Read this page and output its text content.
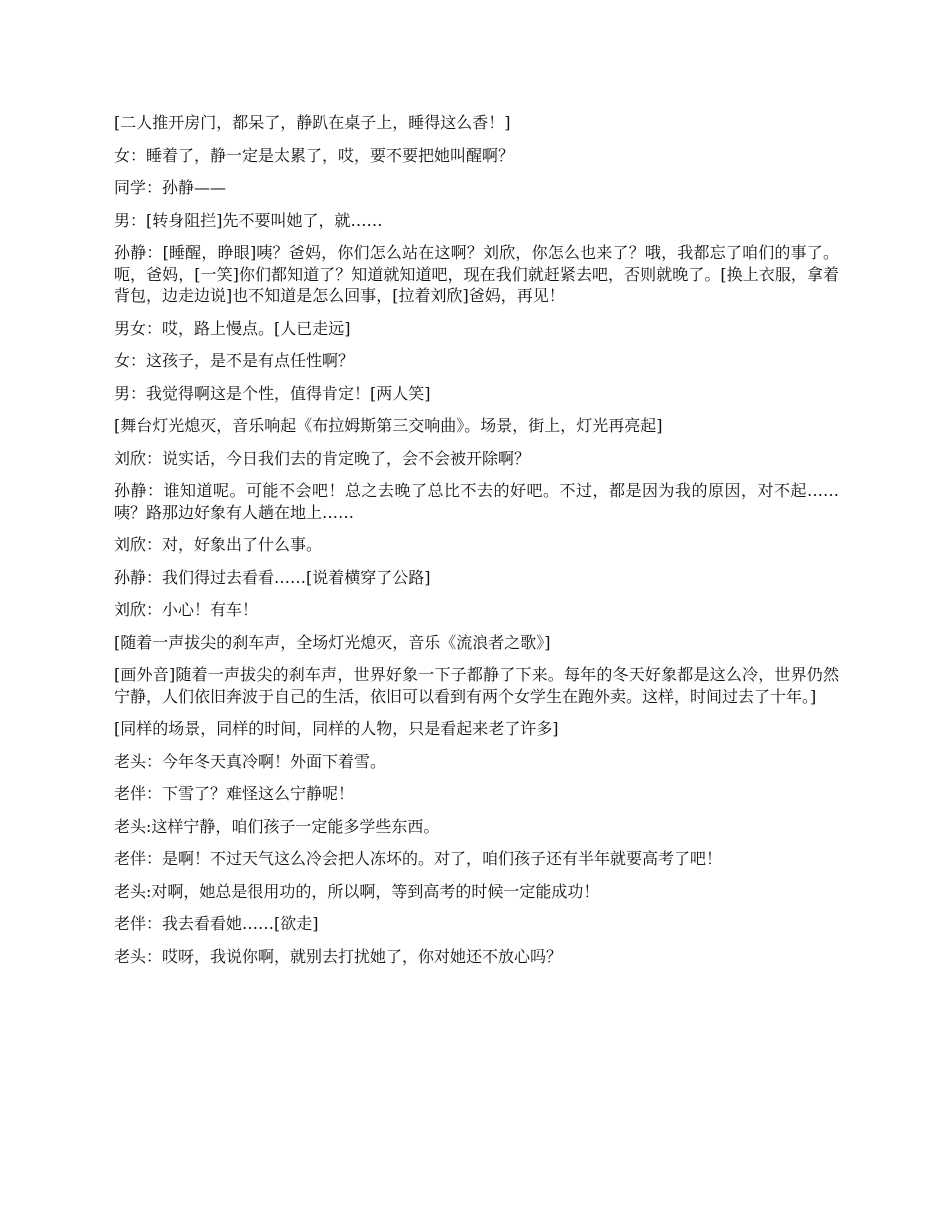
[二人推开房门，都呆了，静趴在桌子上，睡得这么香！]

女：睡着了，静一定是太累了，哎，要不要把她叫醒啊？

同学：孙静——

男：[转身阻拦]先不要叫她了，就……

孙静：[睡醒，睁眼]咦？爸妈，你们怎么站在这啊？刘欣，你怎么也来了？哦，我都忘了咱们的事了。呃，爸妈，[一笑]你们都知道了？知道就知道吧，现在我们就赶紧去吧，否则就晚了。[换上衣服，拿着背包，边走边说]也不知道是怎么回事，[拉着刘欣]爸妈，再见！

男女：哎，路上慢点。[人已走远]

女：这孩子，是不是有点任性啊？

男：我觉得啊这是个性，值得肯定！[两人笑]

[舞台灯光熄灭，音乐响起《布拉姆斯第三交响曲》。场景，街上，灯光再亮起]

刘欣：说实话，今日我们去的肯定晚了，会不会被开除啊？

孙静：谁知道呢。可能不会吧！总之去晚了总比不去的好吧。不过，都是因为我的原因，对不起……咦？路那边好象有人趟在地上……

刘欣：对，好象出了什么事。

孙静：我们得过去看看……[说着横穿了公路]

刘欣：小心！有车！

[随着一声拔尖的刹车声，全场灯光熄灭，音乐《流浪者之歌》]

[画外音]随着一声拔尖的刹车声，世界好象一下子都静了下来。每年的冬天好象都是这么冷，世界仍然宁静，人们依旧奔波于自己的生活，依旧可以看到有两个女学生在跑外卖。这样，时间过去了十年。]

[同样的场景，同样的时间，同样的人物，只是看起来老了许多]

老头：今年冬天真冷啊！外面下着雪。

老伴：下雪了？难怪这么宁静呢！

老头:这样宁静，咱们孩子一定能多学些东西。

老伴：是啊！不过天气这么冷会把人冻坏的。对了，咱们孩子还有半年就要高考了吧！

老头:对啊，她总是很用功的，所以啊，等到高考的时候一定能成功！

老伴：我去看看她……[欲走]

老头：哎呀，我说你啊，就别去打扰她了，你对她还不放心吗？
